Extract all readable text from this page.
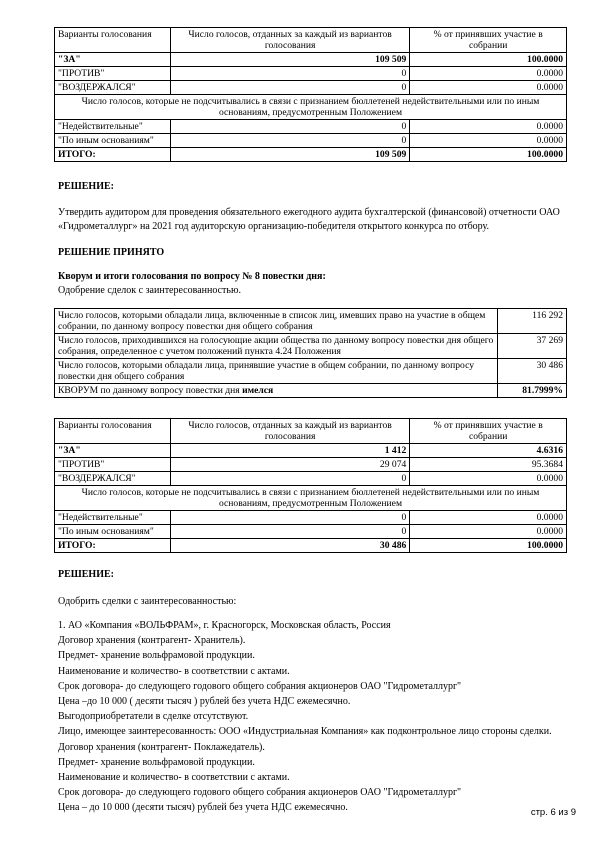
Варианты голосования	Число голосов, отданных за каждый из вариантов голосования	% от принявших участие в собрании
"ЗА"	109 509	100.0000
"ПРОТИВ"	0	0.0000
"ВОЗДЕРЖАЛСЯ"	0	0.0000
Число голосов, которые не подсчитывались в связи с признанием бюллетеней недействительными или по иным основаниям, предусмотренным Положением		
"Недействительные"	0	0.0000
"По иным основаниям"	0	0.0000
ИТОГО:	109 509	100.0000
РЕШЕНИЕ:
Утвердить аудитором для проведения обязательного ежегодного аудита бухгалтерской (финансовой) отчетности ОАО «Гидрометаллург» на 2021 год аудиторскую организацию-победителя открытого конкурса по отбору.
РЕШЕНИЕ ПРИНЯТО
Кворум и итоги голосования по вопросу № 8 повестки дня:
Одобрение сделок с заинтересованностью.
Число голосов, которыми обладали лица, включенные в список лиц, имевших право на участие в общем собрании, по данному вопросу повестки дня общего собрания	116 292
Число голосов, приходившихся на голосующие акции общества по данному вопросу повестки дня общего собрания, определенное с учетом положений пункта 4.24 Положения	37 269
Число голосов, которыми обладали лица, принявшие участие в общем собрании, по данному вопросу повестки дня общего собрания	30 486
КВОРУМ по данному вопросу повестки дня имелся	81.7999%
Варианты голосования	Число голосов, отданных за каждый из вариантов голосования	% от принявших участие в собрании
"ЗА"	1 412	4.6316
"ПРОТИВ"	29 074	95.3684
"ВОЗДЕРЖАЛСЯ"	0	0.0000
Число голосов, которые не подсчитывались в связи с признанием бюллетеней недействительными или по иным основаниям, предусмотренным Положением		
"Недействительные"	0	0.0000
"По иным основаниям"	0	0.0000
ИТОГО:	30 486	100.0000
РЕШЕНИЕ:
Одобрить сделки с заинтересованностью:
1. АО «Компания «ВОЛЬФРАМ», г. Красногорск, Московская область, Россия
Договор хранения (контрагент- Хранитель).
Предмет- хранение вольфрамовой продукции.
Наименование и количество- в соответствии с актами.
Срок договора- до следующего годового общего собрания акционеров ОАО "Гидрометаллург"
Цена –до 10 000 ( десяти тысяч ) рублей без учета НДС ежемесячно.
Выгодоприобретатели в сделке отсутствуют.
Лицо, имеющее заинтересованность: ООО «Индустриальная Компания» как подконтрольное лицо стороны сделки.
Договор хранения (контрагент- Поклажедатель).
Предмет- хранение вольфрамовой продукции.
Наименование и количество- в соответствии с актами.
Срок договора- до следующего годового общего собрания акционеров ОАО "Гидрометаллург"
Цена – до 10 000 (десяти тысяч) рублей без учета НДС ежемесячно.	стр. 6 из 9
